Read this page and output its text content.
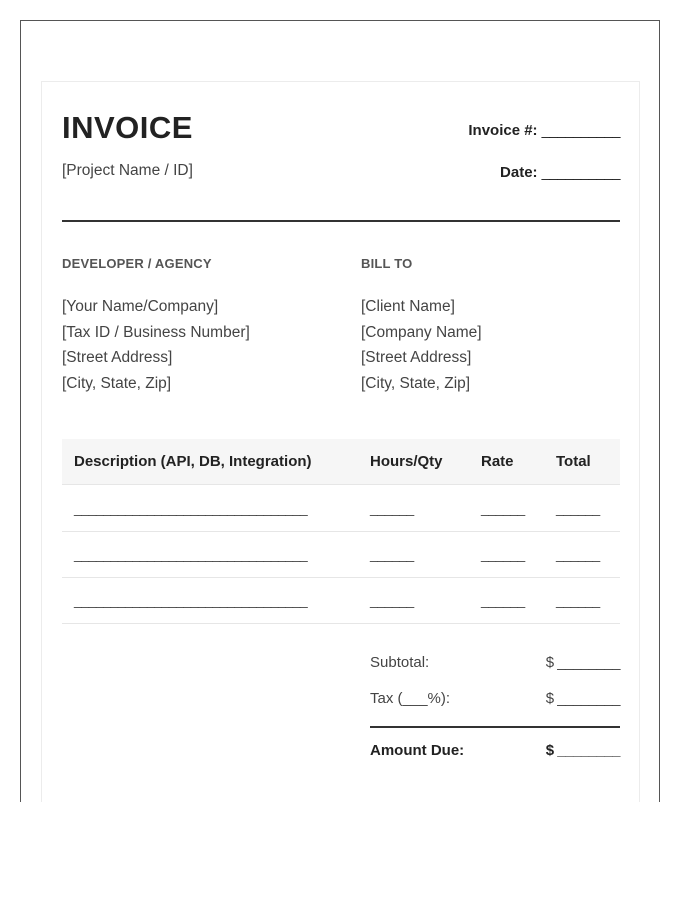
INVOICE
[Project Name / ID]
Invoice #: __________
Date: __________
DEVELOPER / AGENCY	BILL TO
[Your Name/Company]
[Tax ID / Business Number]
[Street Address]
[City, State, Zip]
[Client Name]
[Company Name]
[Street Address]
[City, State, Zip]
Description (API, DB, Integration)	Hours/Qty	Rate	Total
________________________________	______	______ ______
________________________________	______	______ ______
________________________________	______	______ ______
Subtotal:	$ ________
Tax (___%):	$ ________
Amount Due:	$ ________
